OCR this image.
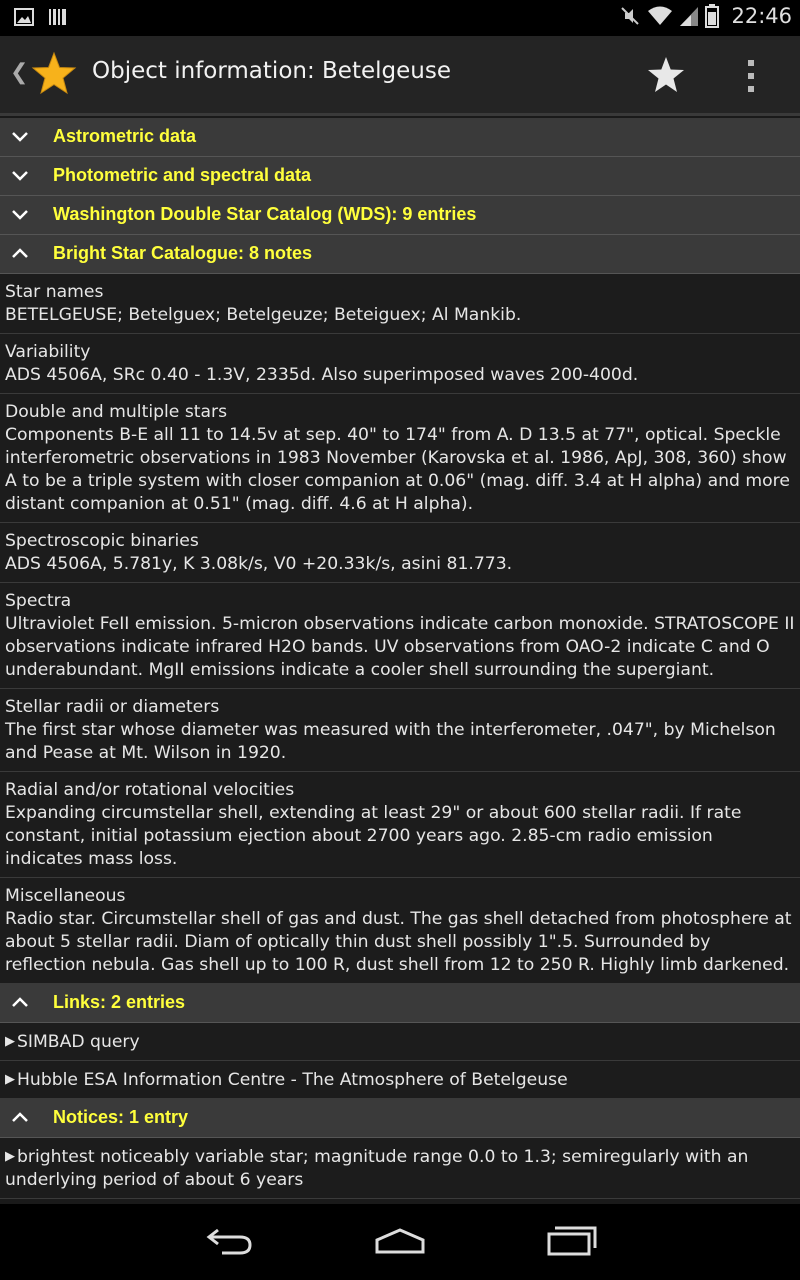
22:46
❮	Object information: Betelgeuse
Astrometric data
Photometric and spectral data
Washington Double Star Catalog (WDS): 9 entries
Bright Star Catalogue: 8 notes
Star names
BETELGEUSE; Betelguex; Betelgeuze; Beteiguex; Al Mankib.
Variability
ADS 4506A, SRc 0.40 - 1.3V, 2335d. Also superimposed waves 200-400d.
Double and multiple stars
Components B-E all 11 to 14.5v at sep. 40" to 174" from A. D 13.5 at 77", optical. Speckle interferometric observations in 1983 November (Karovska et al. 1986, ApJ, 308, 360) show A to be a triple system with closer companion at 0.06" (mag. diff. 3.4 at H alpha) and more distant companion at 0.51" (mag. diff. 4.6 at H alpha).
Spectroscopic binaries
ADS 4506A, 5.781y, K 3.08k/s, V0 +20.33k/s, asini 81.773.
Spectra
Ultraviolet FeII emission. 5-micron observations indicate carbon monoxide. STRATOSCOPE II observations indicate infrared H2O bands. UV observations from OAO-2 indicate C and O underabundant. MgII emissions indicate a cooler shell surrounding the supergiant.
Stellar radii or diameters
The first star whose diameter was measured with the interferometer, .047", by Michelson and Pease at Mt. Wilson in 1920.
Radial and/or rotational velocities
Expanding circumstellar shell, extending at least 29" or about 600 stellar radii. If rate constant, initial potassium ejection about 2700 years ago. 2.85-cm radio emission indicates mass loss.
Miscellaneous
Radio star. Circumstellar shell of gas and dust. The gas shell detached from photosphere at about 5 stellar radii. Diam of optically thin dust shell possibly 1".5. Surrounded by reflection nebula. Gas shell up to 100 R, dust shell from 12 to 250 R. Highly limb darkened.
Links: 2 entries
▶ SIMBAD query
▶ Hubble ESA Information Centre - The Atmosphere of Betelgeuse
Notices: 1 entry
▶ brightest noticeably variable star; magnitude range 0.0 to 1.3; semiregularly with an underlying period of about 6 years
